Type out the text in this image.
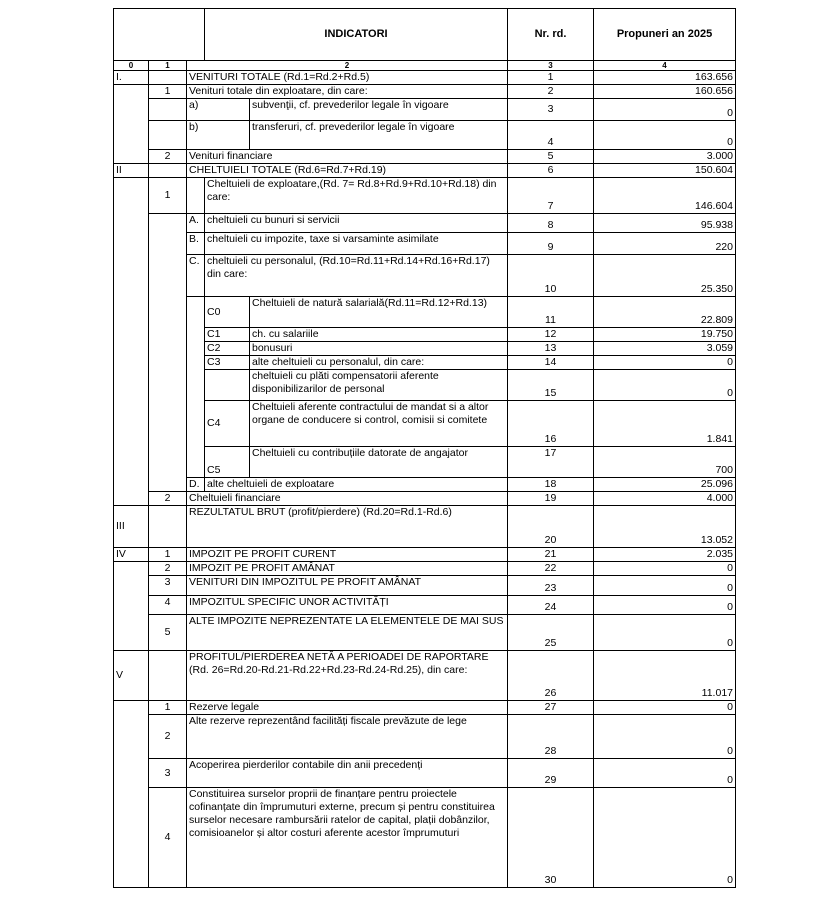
			INDICATORI		Nr. rd.	Propuneri an 2025
0	1	2			3	4
I.		VENITURI TOTALE (Rd.1=Rd.2+Rd.5)			1	163.656
	1	Venituri totale din exploatare, din care:			2	160.656
		a)		subvenţii, cf. prevederilor legale în vigoare	3	0
		b)		transferuri, cf. prevederilor legale în vigoare	4	0
	2	Venituri financiare			5	3.000
II		CHELTUIELI TOTALE (Rd.6=Rd.7+Rd.19)			6	150.604
	1		Cheltuieli de exploatare,(Rd. 7= Rd.8+Rd.9+Rd.10+Rd.18) din care:		7	146.604
		A.	cheltuieli cu bunuri si servicii		8	95.938
		B.	cheltuieli cu impozite, taxe si varsaminte asimilate		9	220
		C.	cheltuieli cu personalul, (Rd.10=Rd.11+Rd.14+Rd.16+Rd.17) din care:		10	25.350
			C0	Cheltuieli de natură salarială(Rd.11=Rd.12+Rd.13)	11	22.809
			C1	ch. cu salariile	12	19.750
			C2	bonusuri	13	3.059
			C3	alte cheltuieli cu personalul, din care:	14	0
				cheltuieli cu plăti compensatorii aferente disponibilizarilor de personal	15	0
			C4	Cheltuieli aferente contractului de mandat si a altor organe de conducere si control, comisii si comitete	16	1.841
			C5	Cheltuieli cu contribuțiile datorate de angajator	17	700
		D.	alte cheltuieli de exploatare		18	25.096
	2	Cheltuieli financiare			19	4.000
III		REZULTATUL BRUT (profit/pierdere) (Rd.20=Rd.1-Rd.6)			20	13.052
IV	1	IMPOZIT PE PROFIT CURENT			21	2.035
	2	IMPOZIT PE PROFIT AMÂNAT			22	0
	3	VENITURI DIN IMPOZITUL PE PROFIT AMÂNAT			23	0
	4	IMPOZITUL SPECIFIC UNOR ACTIVITĂȚI			24	0
	5	ALTE IMPOZITE NEPREZENTATE LA ELEMENTELE DE MAI SUS			25	0
V		PROFITUL/PIERDEREA NETĂ A PERIOADEI DE RAPORTARE (Rd. 26=Rd.20-Rd.21-Rd.22+Rd.23-Rd.24-Rd.25), din care:			26	11.017
	1	Rezerve legale			27	0
	2	Alte rezerve reprezentând facilități fiscale prevăzute de lege			28	0
	3	Acoperirea pierderilor contabile din anii precedenți			29	0
	4	Constituirea surselor proprii de finanțare pentru proiectele cofinanțate din împrumuturi externe, precum și pentru constituirea surselor necesare rambursării ratelor de capital, plații dobânzilor, comisioanelor și altor costuri aferente acestor împrumuturi			30	0
